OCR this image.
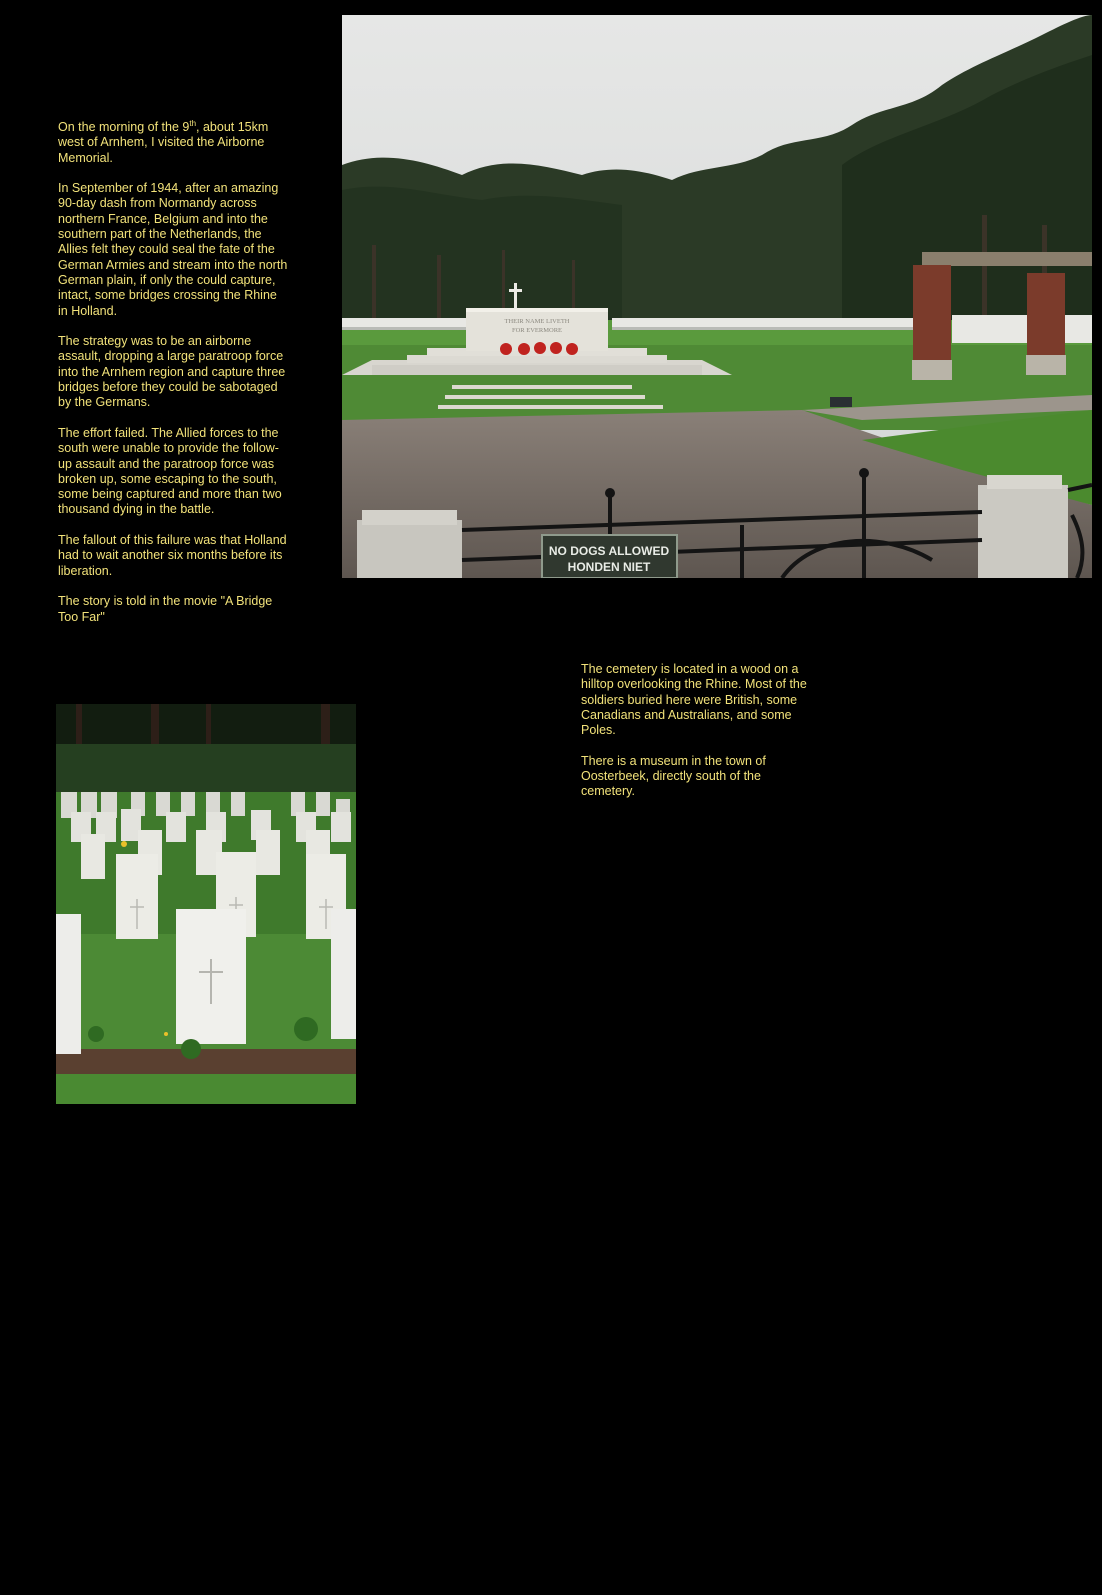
On the morning of the 9th, about 15km west of Arnhem, I visited the Airborne Memorial.

In September of 1944, after an amazing 90-day dash from Normandy across northern France, Belgium and into the southern part of the Netherlands, the Allies felt they could seal the fate of the German Armies and stream into the north German plain, if only the could capture, intact, some bridges crossing the Rhine in Holland.

The strategy was to be an airborne assault, dropping a large paratroop force into the Arnhem region and capture three bridges before they could be sabotaged by the Germans.

The effort failed. The Allied forces to the south were unable to provide the follow-up assault and the paratroop force was broken up, some escaping to the south, some being captured and more than two thousand dying in the battle.

The fallout of this failure was that Holland had to wait another six months before its liberation.

The story is told in the movie "A Bridge Too Far"

THEIR NAME LIVETH
FOR EVERMORE
NO DOGS ALLOWED
HONDEN NIET

The cemetery is located in a wood on a hilltop overlooking the Rhine. Most of the soldiers buried here were British, some Canadians and Australians, and some Poles.

There is a museum in the town of Oosterbeek, directly south of the cemetery.
